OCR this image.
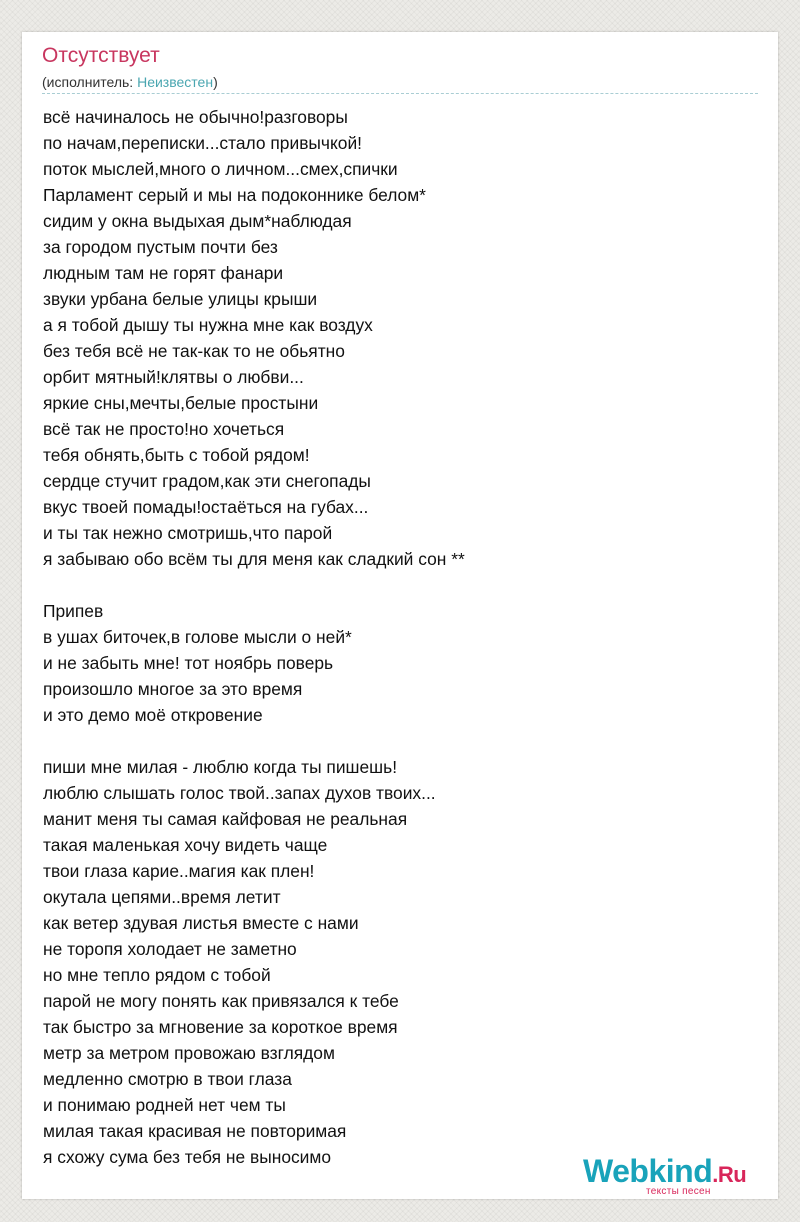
Отсутствует
(исполнитель: Неизвестен)
всё начиналось не обычно!разговоры
по начам,переписки...стало привычкой!
поток мыслей,много о личном...смех,спички
Парламент серый и мы на подоконнике белом*
сидим у окна выдыхая дым*наблюдая
за городом пустым почти без
людным там не горят фанари
звуки урбана белые улицы крыши
а я тобой дышу ты нужна мне как воздух
без тебя всё не так-как то не обьятно
орбит мятный!клятвы о любви...
яркие сны,мечты,белые простыни
всё так не просто!но хочеться
тебя обнять,быть с тобой рядом!
сердце стучит градом,как эти снегопады
вкус твоей помады!остаёться на губах...
и ты так нежно смотришь,что парой
я забываю обо всём ты для меня как сладкий сон **
Припев
в ушах биточек,в голове мысли о ней*
и не забыть мне! тот ноябрь поверь
произошло многое за это время
и это демо моё откровение
пиши мне милая - люблю когда ты пишешь!
люблю слышать голос твой..запах духов твоих...
манит меня ты самая кайфовая не реальная
такая маленькая хочу видеть чаще
твои глаза карие..магия как плен!
окутала цепями..время летит
как ветер здувая листья вместе с нами
не торопя холодает не заметно
но мне тепло рядом с тобой
парой не могу понять как привязался к тебе
так быстро за мгновение за короткое время
метр за метром провожаю взглядом
медленно смотрю в твои глаза
и понимаю родней нет чем ты
милая такая красивая не повторимая
я схожу сума без тебя не выносимо	Webkind.Ru
тексты песен
